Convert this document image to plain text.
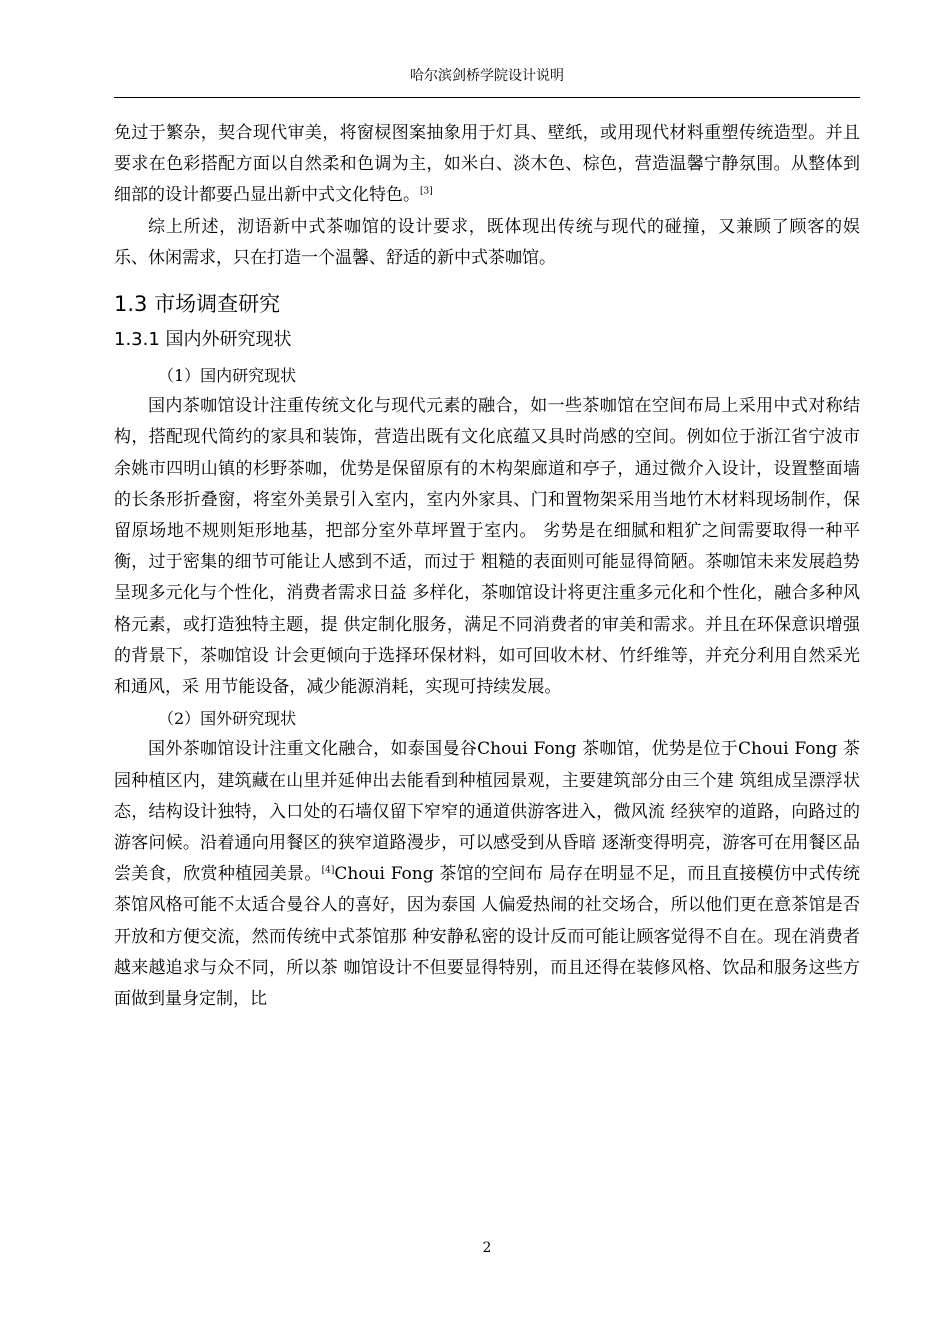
哈尔滨剑桥学院设计说明

免过于繁杂，契合现代审美，将窗棂图案抽象用于灯具、壁纸，或用现代材料重塑传统造型。并且要求在色彩搭配方面以自然柔和色调为主，如米白、淡木色、棕色，营造温馨宁静氛围。从整体到细部的设计都要凸显出新中式文化特色。[3]

综上所述，沏语新中式茶咖馆的设计要求，既体现出传统与现代的碰撞，又兼顾了顾客的娱乐、休闲需求，只在打造一个温馨、舒适的新中式茶咖馆。

1.3 市场调查研究
1.3.1 国内外研究现状

（1）国内研究现状

国内茶咖馆设计注重传统文化与现代元素的融合，如一些茶咖馆在空间布局上采用中式对称结构，搭配现代简约的家具和装饰，营造出既有文化底蕴又具时尚感的空间。例如位于浙江省宁波市余姚市四明山镇的杉野茶咖，优势是保留原有的木构架廊道和亭子，通过微介入设计，设置整面墙的长条形折叠窗，将室外美景引入室内，室内外家具、门和置物架采用当地竹木材料现场制作，保留原场地不规则矩形地基，把部分室外草坪置于室内。 劣势是在细腻和粗犷之间需要取得一种平衡，过于密集的细节可能让人感到不适，而过于 粗糙的表面则可能显得简陋。茶咖馆未来发展趋势呈现多元化与个性化，消费者需求日益 多样化，茶咖馆设计将更注重多元化和个性化，融合多种风格元素，或打造独特主题，提 供定制化服务，满足不同消费者的审美和需求。并且在环保意识增强的背景下，茶咖馆设 计会更倾向于选择环保材料，如可回收木材、竹纤维等，并充分利用自然采光和通风，采 用节能设备，减少能源消耗，实现可持续发展。

（2）国外研究现状

国外茶咖馆设计注重文化融合，如泰国曼谷Choui Fong 茶咖馆，优势是位于Choui Fong 茶园种植区内，建筑藏在山里并延伸出去能看到种植园景观，主要建筑部分由三个建 筑组成呈漂浮状态，结构设计独特，入口处的石墙仅留下窄窄的通道供游客进入，微风流 经狭窄的道路，向路过的游客问候。沿着通向用餐区的狭窄道路漫步，可以感受到从昏暗 逐渐变得明亮，游客可在用餐区品尝美食，欣赏种植园美景。[4]Choui Fong 茶馆的空间布 局存在明显不足，而且直接模仿中式传统茶馆风格可能不太适合曼谷人的喜好，因为泰国 人偏爱热闹的社交场合，所以他们更在意茶馆是否开放和方便交流，然而传统中式茶馆那 种安静私密的设计反而可能让顾客觉得不自在。现在消费者越来越追求与众不同，所以茶 咖馆设计不但要显得特别，而且还得在装修风格、饮品和服务这些方面做到量身定制，比

2
